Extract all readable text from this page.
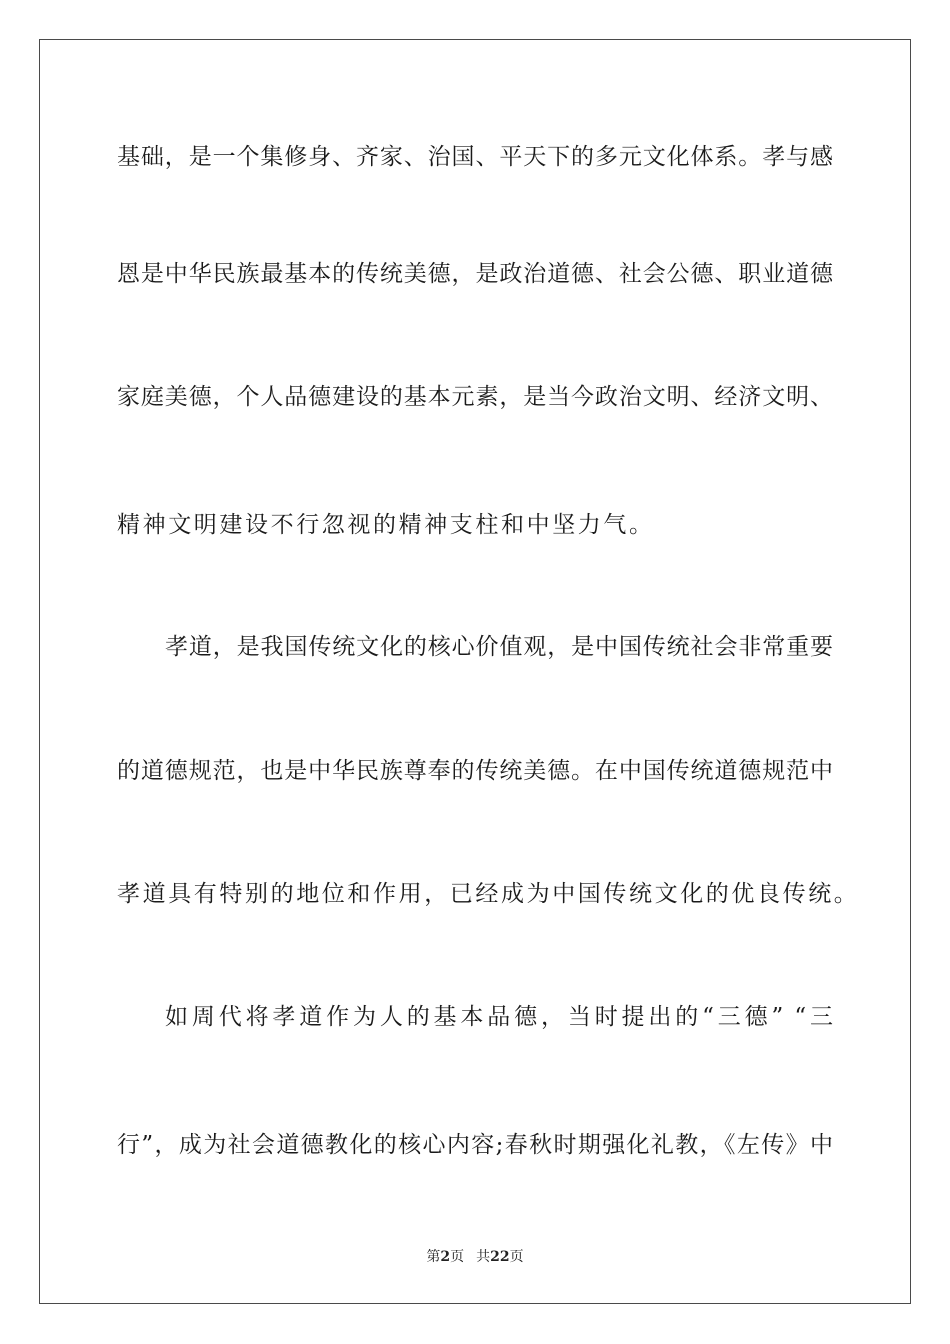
基础，是一个集修身、齐家、治国、平天下的多元文化体系。孝与感
恩是中华民族最基本的传统美德，是政治道德、社会公德、职业道德
家庭美德，个人品德建设的基本元素，是当今政治文明、经济文明、
精神文明建设不行忽视的精神支柱和中坚力气。
孝道，是我国传统文化的核心价值观，是中国传统社会非常重要
的道德规范，也是中华民族尊奉的传统美德。在中国传统道德规范中
孝道具有特别的地位和作用，已经成为中国传统文化的优良传统。
如周代将孝道作为人的基本品德，当时提出的“三德” “三
行”，成为社会道德教化的核心内容;春秋时期强化礼教，《左传》中
第2页 共22页
